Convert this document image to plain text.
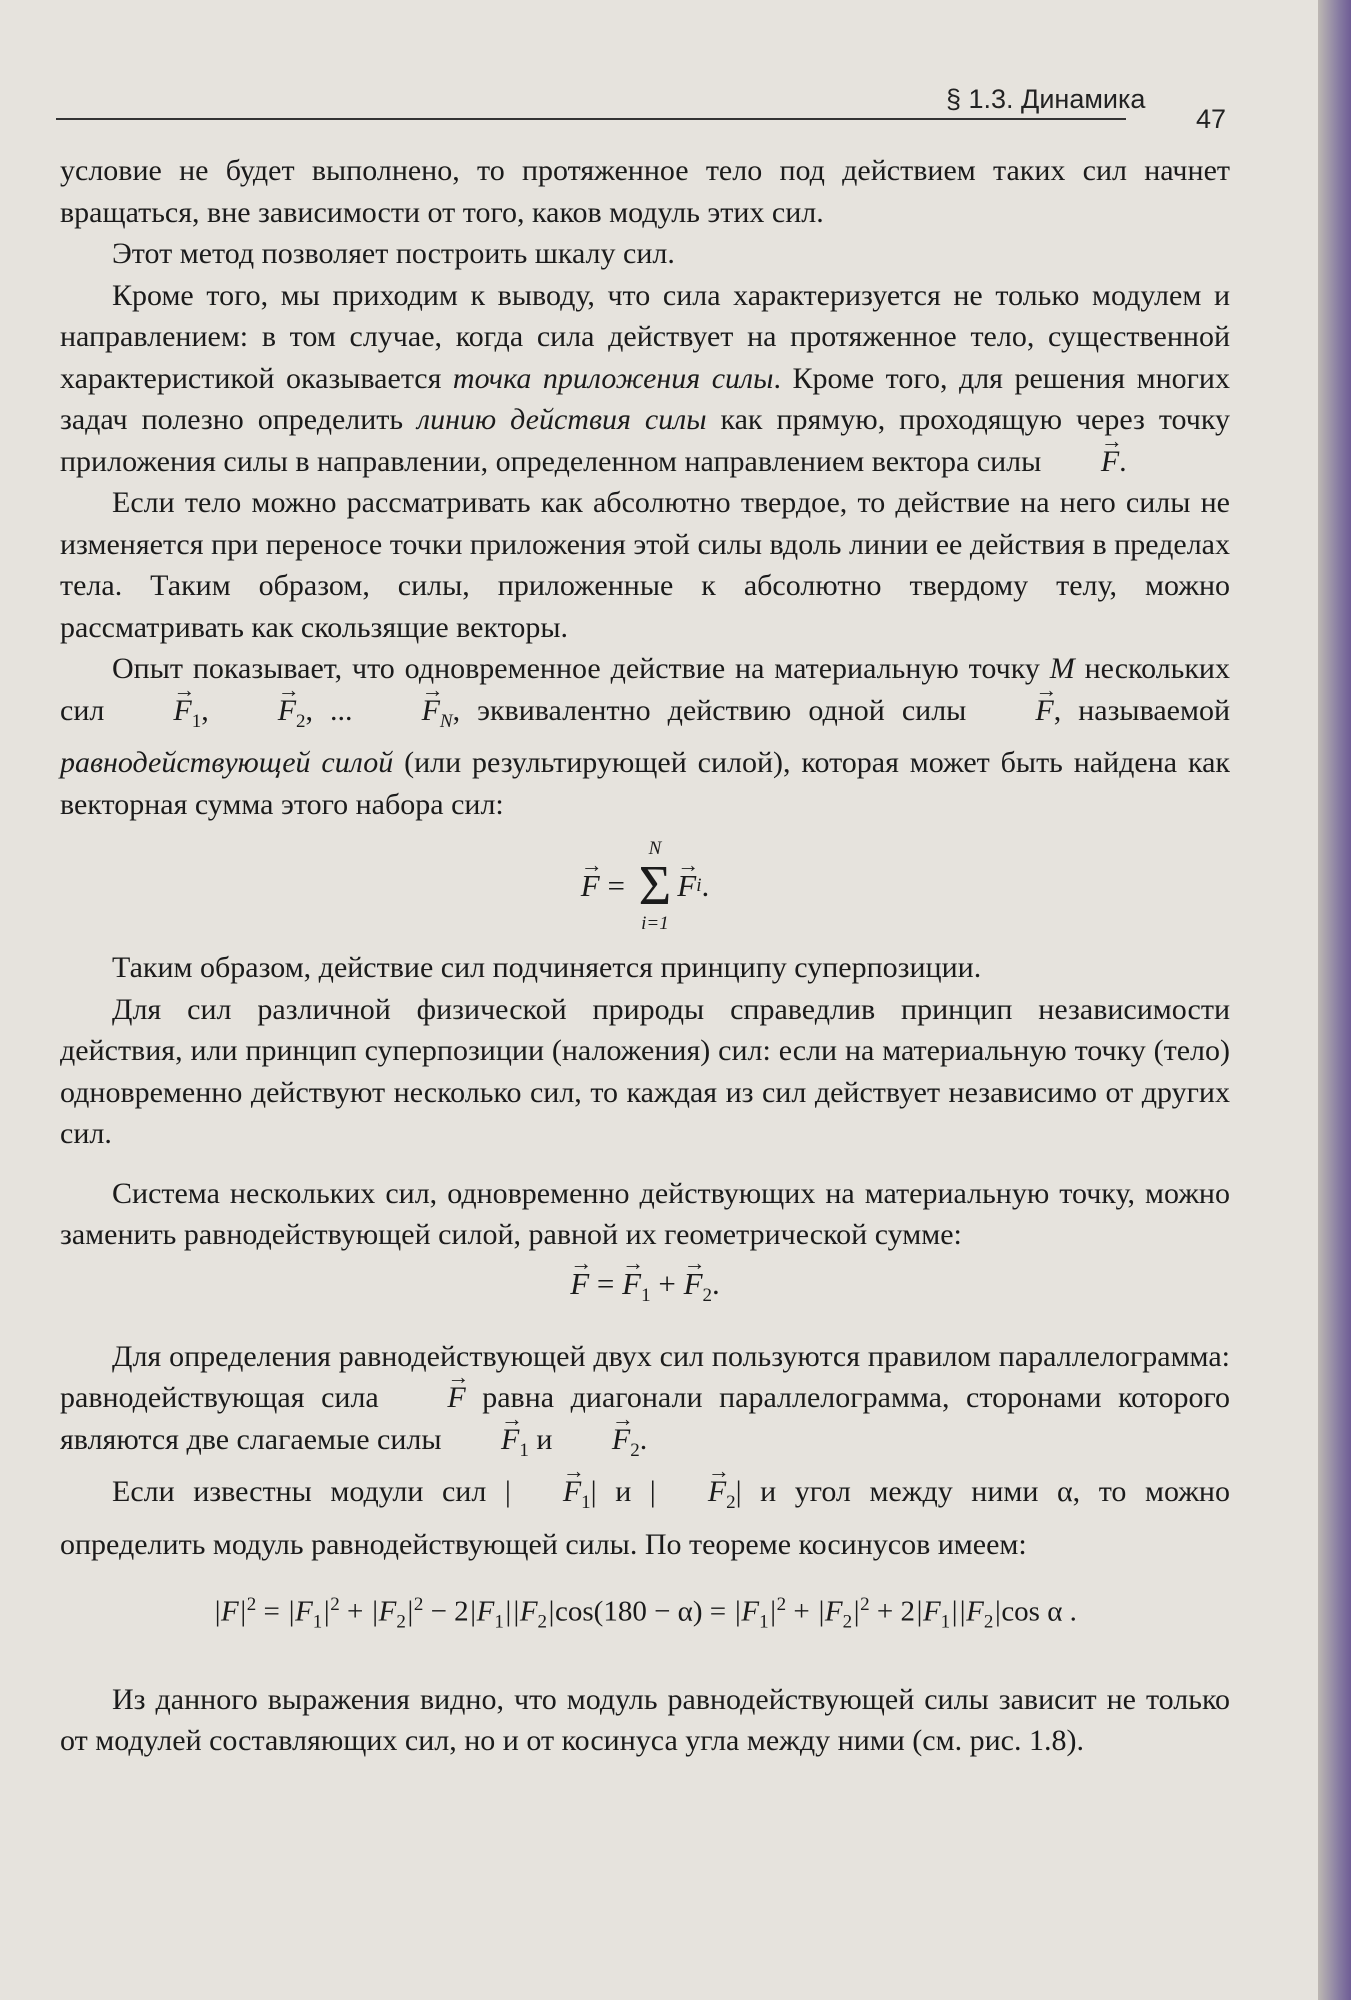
§ 1.3. Динамика
47

условие не будет выполнено, то протяженное тело под действием таких сил начнет вращаться, вне зависимости от того, каков модуль этих сил.

Этот метод позволяет построить шкалу сил.

Кроме того, мы приходим к выводу, что сила характеризуется не только модулем и направлением: в том случае, когда сила действует на протяженное тело, существенной характеристикой оказывается точка приложения силы. Кроме того, для решения многих задач полезно определить линию действия силы как прямую, проходящую через точку приложения силы в направлении, определенном направлением вектора силы → F.

Если тело можно рассматривать как абсолютно твердое, то действие на него силы не изменяется при переносе точки приложения этой силы вдоль линии ее действия в пределах тела. Таким образом, силы, приложенные к абсолютно твердому телу, можно рассматривать как скользящие векторы.

Опыт показывает, что одновременное действие на материальную точку M нескольких сил → $F_1$, → $F_2$, ... → $F_N$, эквивалентно действию одной силы → F, называемой равнодействующей силой (или результирующей силой), которая может быть найдена как векторная сумма этого набора сил:

→ F =
N
Σ
i=1
→ F i .

Таким образом, действие сил подчиняется принципу суперпозиции.

Для сил различной физической природы справедлив принцип независимости действия, или принцип суперпозиции (наложения) сил: если на материальную точку (тело) одновременно действуют несколько сил, то каждая из сил действует независимо от других сил.

Система нескольких сил, одновременно действующих на материальную точку, можно заменить равнодействующей силой, равной их геометрической сумме:

→ F = → $F_1$ + → $F_2$.

Для определения равнодействующей двух сил пользуются правилом параллелограмма: равнодействующая сила → F равна диагонали параллелограмма, сторонами которого являются две слагаемые силы → $F_1$ $и \to F_2$.

Если известны модули сил | → $F_1|$ и | → $F_2|$ и угол между ними α, то можно определить модуль равнодействующей силы. По теореме косинусов имеем:

$|F|^2 = |F_1|^2 + |F_2|^2 - 2|F_1||F_2|\cos(180 - \alpha) = |F_1|^2 + |F_2|^2 + 2|F_1||F_2|\cos$ α .

Из данного выражения видно, что модуль равнодействующей силы зависит не только от модулей составляющих сил, но и от косинуса угла между ними (см. рис. 1.8).
